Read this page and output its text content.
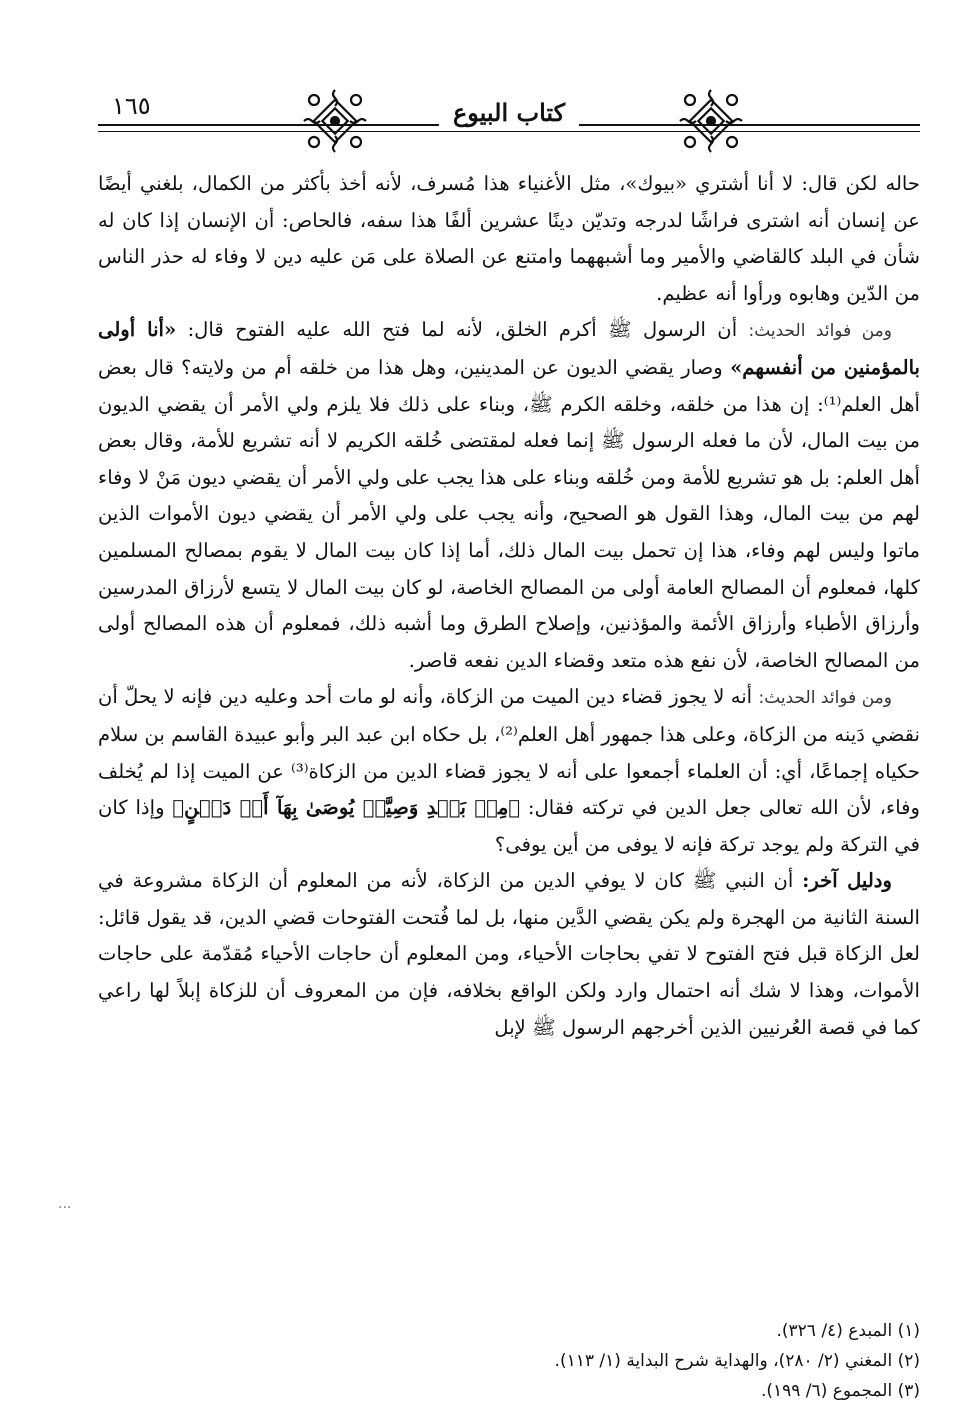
١٦٥	كتاب البيوع

حاله لكن قال: لا أنا أشتري «بيوك»، مثل الأغنياء هذا مُسرف، لأنه أخذ بأكثر من الكمال، بلغني أيضًا عن إنسان أنه اشترى فراشًا لدرجه وتديّن دينًا عشرين ألفًا هذا سفه، فالحاص: أن الإنسان إذا كان له شأن في البلد كالقاضي والأمير وما أشبههما وامتنع عن الصلاة على مَن عليه دين لا وفاء له حذر الناس من الدّين وهابوه ورأوا أنه عظيم.

ومن فوائد الحديث: أن الرسول ﷺ أكرم الخلق، لأنه لما فتح الله عليه الفتوح قال: «أنا أولى بالمؤمنين من أنفسهم» وصار يقضي الديون عن المدينين، وهل هذا من خلقه أم من ولايته؟ قال بعض أهل العلم⁽¹⁾: إن هذا من خلقه، وخلقه الكرم ﷺ، وبناء على ذلك فلا يلزم ولي الأمر أن يقضي الديون من بيت المال، لأن ما فعله الرسول ﷺ إنما فعله لمقتضى خُلقه الكريم لا أنه تشريع للأمة، وقال بعض أهل العلم: بل هو تشريع للأمة ومن خُلقه وبناء على هذا يجب على ولي الأمر أن يقضي ديون مَنْ لا وفاء لهم من بيت المال، وهذا القول هو الصحيح، وأنه يجب على ولي الأمر أن يقضي ديون الأموات الذين ماتوا وليس لهم وفاء، هذا إن تحمل بيت المال ذلك، أما إذا كان بيت المال لا يقوم بمصالح المسلمين كلها، فمعلوم أن المصالح العامة أولى من المصالح الخاصة، لو كان بيت المال لا يتسع لأرزاق المدرسين وأرزاق الأطباء وأرزاق الأئمة والمؤذنين، وإصلاح الطرق وما أشبه ذلك، فمعلوم أن هذه المصالح أولى من المصالح الخاصة، لأن نفع هذه متعد وقضاء الدين نفعه قاصر.

ومن فوائد الحديث: أنه لا يجوز قضاء دين الميت من الزكاة، وأنه لو مات أحد وعليه دين فإنه لا يحلّ أن نقضي دَينه من الزكاة، وعلى هذا جمهور أهل العلم⁽²⁾، بل حكاه ابن عبد البر وأبو عبيدة القاسم بن سلام حكياه إجماعًا، أي: أن العلماء أجمعوا على أنه لا يجوز قضاء الدين من الزكاة⁽³⁾ عن الميت إذا لم يُخلف وفاء، لأن الله تعالى جعل الدين في تركته فقال: ﴿مِنۢ بَعۡدِ وَصِيَّةٖ يُوصَىٰ بِهَآ أَوۡ دَيۡنٍ﴾ وإذا كان في التركة ولم يوجد تركة فإنه لا يوفى من أين يوفى؟

ودليل آخر: أن النبي ﷺ كان لا يوفي الدين من الزكاة، لأنه من المعلوم أن الزكاة مشروعة في السنة الثانية من الهجرة ولم يكن يقضي الدَّين منها، بل لما فُتحت الفتوحات قضي الدين، قد يقول قائل: لعل الزكاة قبل فتح الفتوح لا تفي بحاجات الأحياء، ومن المعلوم أن حاجات الأحياء مُقدّمة على حاجات الأموات، وهذا لا شك أنه احتمال وارد ولكن الواقع بخلافه، فإن من المعروف أن للزكاة إبلاً لها راعي كما في قصة العُرنيين الذين أخرجهم الرسول ﷺ لإبل

...
(١) المبدع (٤/ ٣٢٦).
(٢) المغني (٢/ ٢٨٠)، والهداية شرح البداية (١/ ١١٣).
(٣) المجموع (٦/ ١٩٩).
